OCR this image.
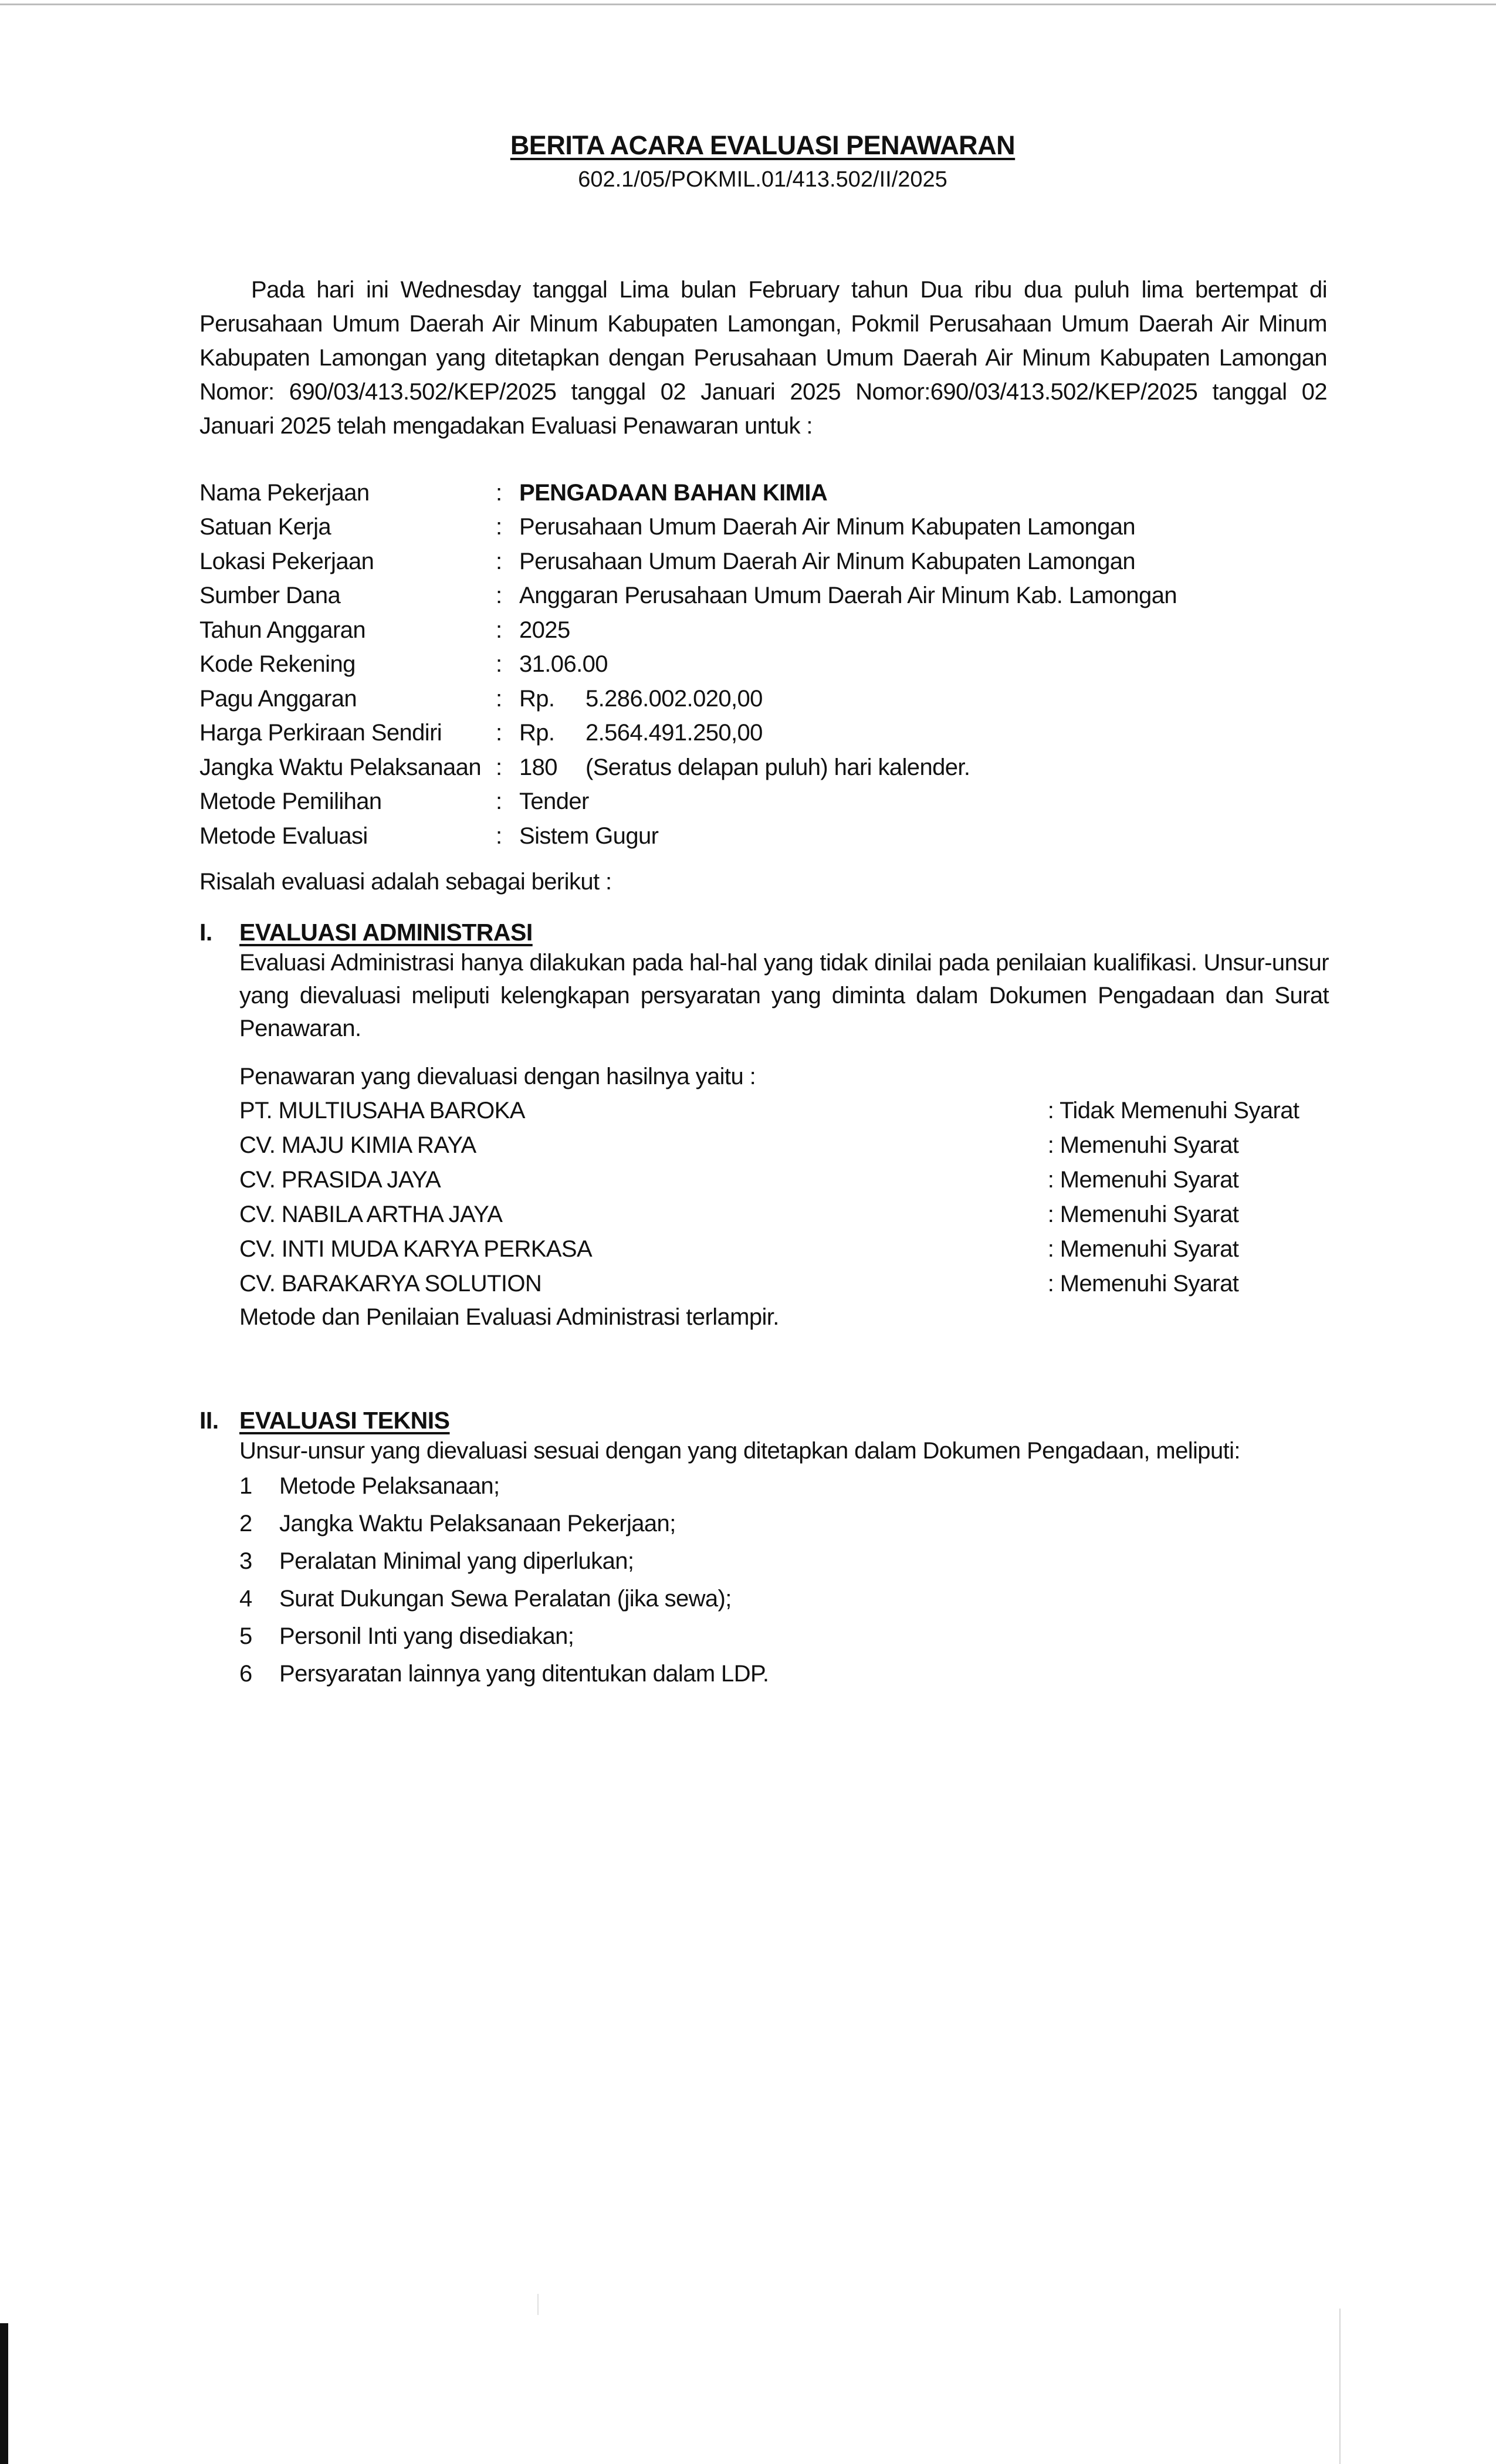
BERITA ACARA EVALUASI PENAWARAN
602.1/05/POKMIL.01/413.502/II/2025
Pada hari ini Wednesday tanggal Lima bulan February tahun Dua ribu dua puluh lima bertempat di Perusahaan Umum Daerah Air Minum Kabupaten Lamongan, Pokmil Perusahaan Umum Daerah Air Minum Kabupaten Lamongan yang ditetapkan dengan Perusahaan Umum Daerah Air Minum Kabupaten Lamongan Nomor: 690/03/413.502/KEP/2025 tanggal 02 Januari 2025 Nomor:690/03/413.502/KEP/2025 tanggal 02 Januari 2025 telah mengadakan Evaluasi Penawaran untuk :
Nama Pekerjaan	: PENGADAAN BAHAN KIMIA
Satuan Kerja	: Perusahaan Umum Daerah Air Minum Kabupaten Lamongan
Lokasi Pekerjaan	: Perusahaan Umum Daerah Air Minum Kabupaten Lamongan
Sumber Dana	: Anggaran Perusahaan Umum Daerah Air Minum Kab. Lamongan
Tahun Anggaran	: 2025
Kode Rekening	: 31.06.00
Pagu Anggaran	: Rp.	5.286.002.020,00
Harga Perkiraan Sendiri	: Rp.	2.564.491.250,00
Jangka Waktu Pelaksanaan : 180	(Seratus delapan puluh) hari kalender.
Metode Pemilihan	: Tender
Metode Evaluasi	: Sistem Gugur
Risalah evaluasi adalah sebagai berikut :
I.	EVALUASI ADMINISTRASI
Evaluasi Administrasi hanya dilakukan pada hal-hal yang tidak dinilai pada penilaian kualifikasi. Unsur-unsur yang dievaluasi meliputi kelengkapan persyaratan yang diminta dalam Dokumen Pengadaan dan Surat Penawaran.
Penawaran yang dievaluasi dengan hasilnya yaitu :
PT. MULTIUSAHA BAROKA	: Tidak Memenuhi Syarat
CV. MAJU KIMIA RAYA	: Memenuhi Syarat
CV. PRASIDA JAYA	: Memenuhi Syarat
CV. NABILA ARTHA JAYA	: Memenuhi Syarat
CV. INTI MUDA KARYA PERKASA	: Memenuhi Syarat
CV. BARAKARYA SOLUTION	: Memenuhi Syarat
Metode dan Penilaian Evaluasi Administrasi terlampir.
II. EVALUASI TEKNIS
Unsur-unsur yang dievaluasi sesuai dengan yang ditetapkan dalam Dokumen Pengadaan, meliputi:
1	Metode Pelaksanaan;
2	Jangka Waktu Pelaksanaan Pekerjaan;
3	Peralatan Minimal yang diperlukan;
4	Surat Dukungan Sewa Peralatan (jika sewa);
5	Personil Inti yang disediakan;
6	Persyaratan lainnya yang ditentukan dalam LDP.
